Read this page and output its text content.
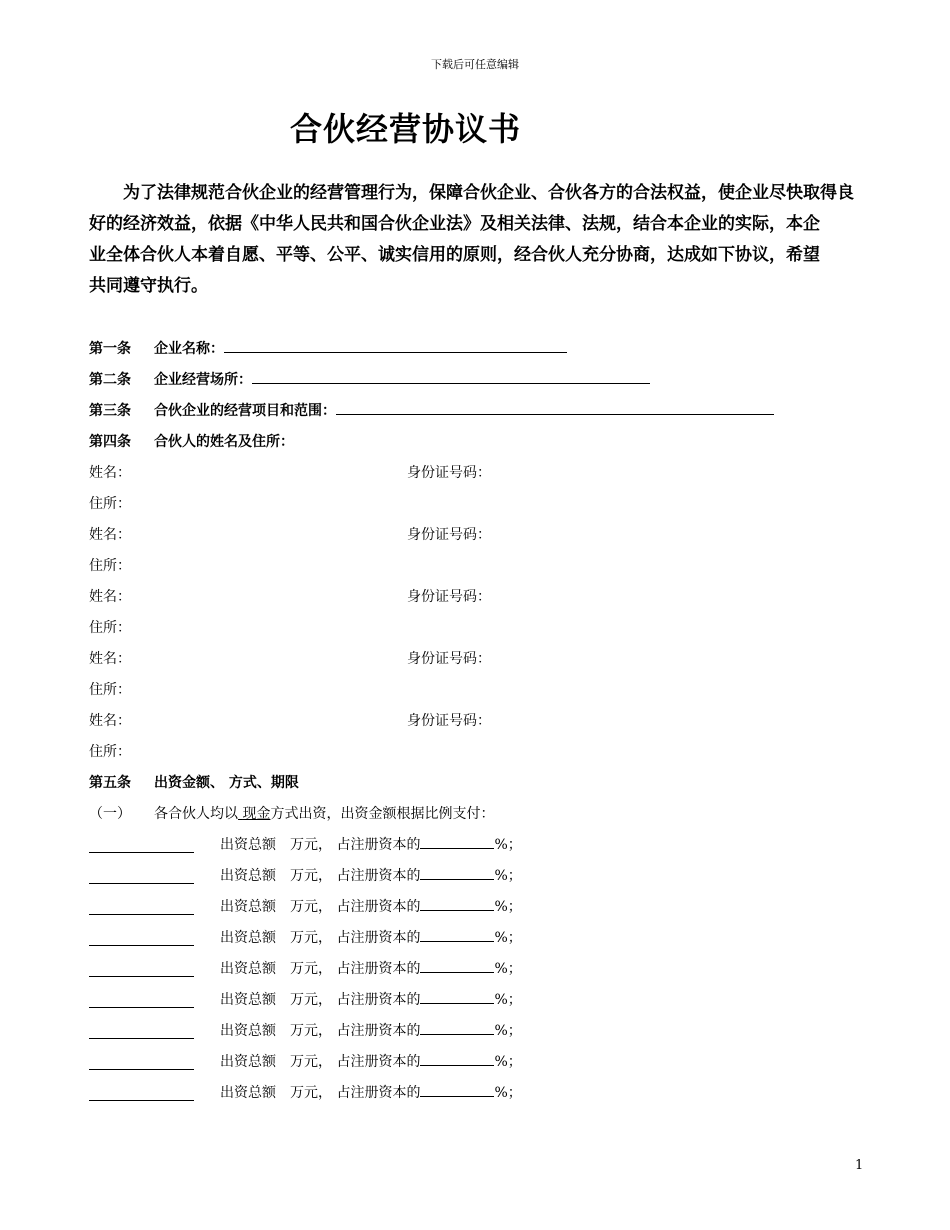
下载后可任意编辑
合伙经营协议书
为了法律规范合伙企业的经营管理行为，保障合伙企业、合伙各方的合法权益，使企业尽快取得良
好的经济效益，依据《中华人民共和国合伙企业法》及相关法律、法规，结合本企业的实际，本企
业全体合伙人本着自愿、平等、公平、诚实信用的原则，经合伙人充分协商，达成如下协议，希望
共同遵守执行。
第一条 企业名称：
第二条 企业经营场所：
第三条 合伙企业的经营项目和范围：
第四条 合伙人的姓名及住所：
姓名：	身份证号码：
住所：
姓名：	身份证号码：
住所：
姓名：	身份证号码：
住所：
姓名：	身份证号码：
住所：
姓名：	身份证号码：
住所：
第五条 出资金额、 方式、期限
（一） 各合伙人均以 现金方式出资，出资金额根据比例支付：
出资总额　万元， 占注册资本的	%；
出资总额　万元， 占注册资本的	%；
出资总额　万元， 占注册资本的	%；
出资总额　万元， 占注册资本的	%；
出资总额　万元， 占注册资本的	%；
出资总额　万元， 占注册资本的	%；
出资总额　万元， 占注册资本的	%；
出资总额　万元， 占注册资本的	%；
出资总额　万元， 占注册资本的	%；
1
